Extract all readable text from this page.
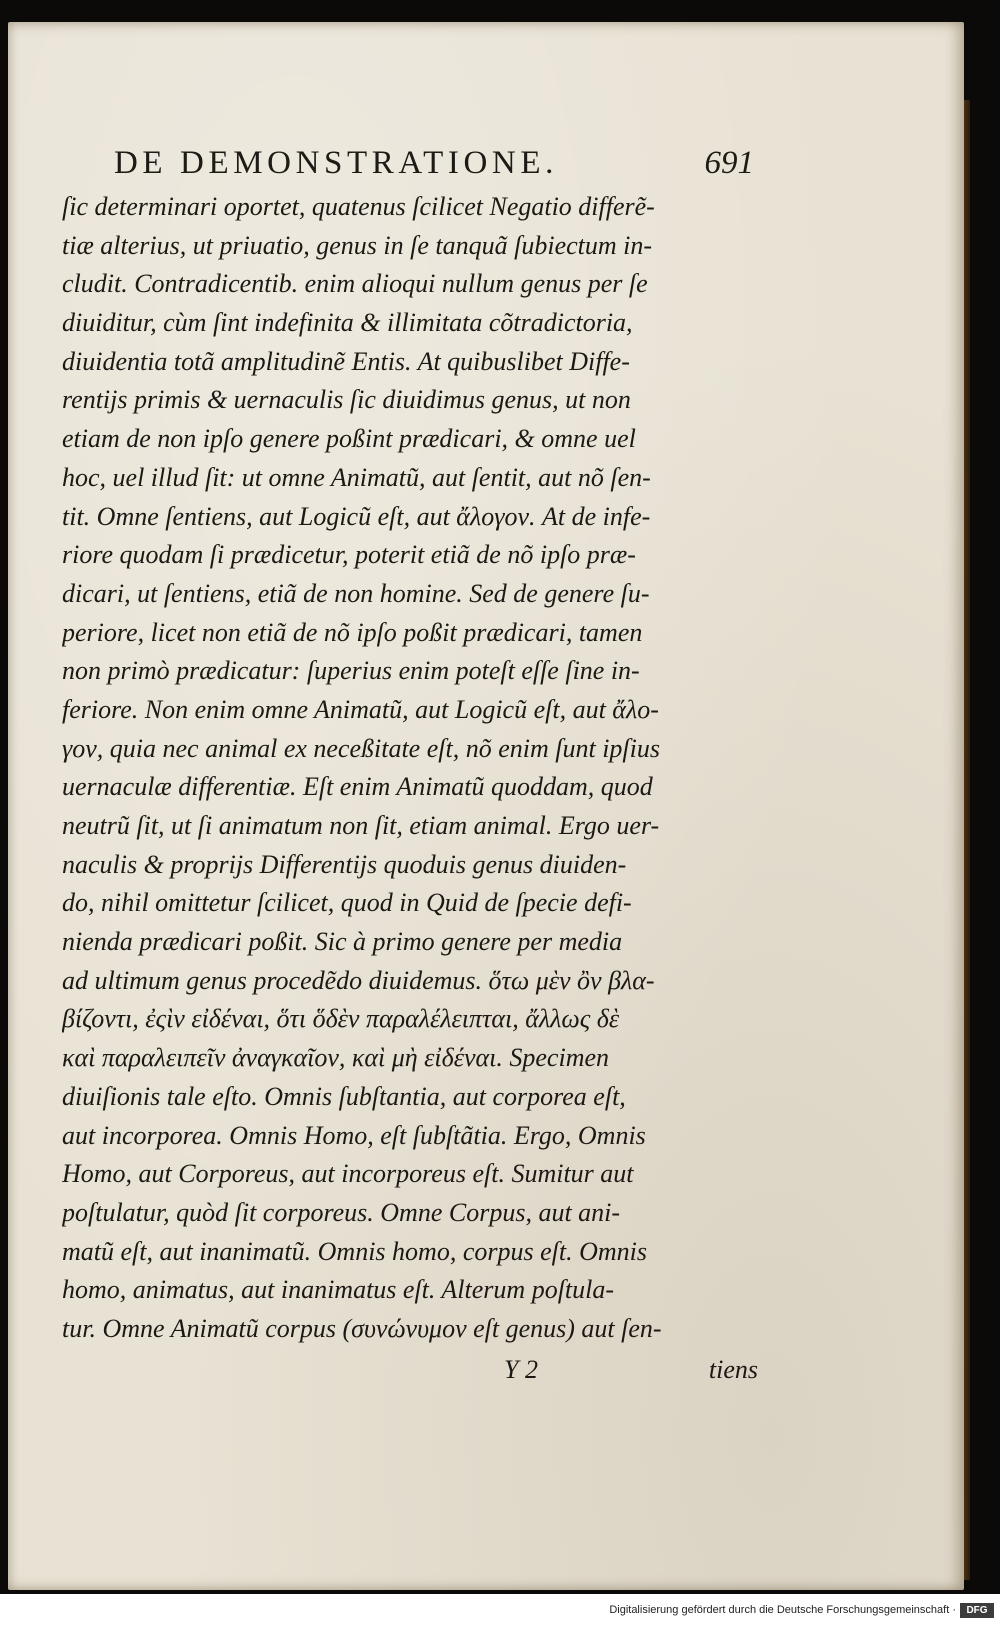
DE DEMONSTRATIONE.	691
ſic determinari oportet, quatenus ſcilicet Negatio differẽ-
tiæ alterius, ut priuatio, genus in ſe tanquã ſubiectum in-
cludit. Contradicentib. enim alioqui nullum genus per ſe
diuiditur, cùm ſint indefinita & illimitata cõtradictoria,
diuidentia totã amplitudinẽ Entis. At quibuslibet Diffe-
rentijs primis & uernaculis ſic diuidimus genus, ut non
etiam de non ipſo genere poßint prædicari, & omne uel
hoc, uel illud ſit: ut omne Animatũ, aut ſentit, aut nõ ſen-
tit. Omne ſentiens, aut Logicũ eſt, aut ἄλογον. At de infe-
riore quodam ſi prædicetur, poterit etiã de nõ ipſo præ-
dicari, ut ſentiens, etiã de non homine. Sed de genere ſu-
periore, licet non etiã de nõ ipſo poßit prædicari, tamen
non primò prædicatur: ſuperius enim poteſt eſſe ſine in-
feriore. Non enim omne Animatũ, aut Logicũ eſt, aut ἄλο-
γον, quia nec animal ex neceßitate eſt, nõ enim ſunt ipſius
uernaculæ differentiæ. Eſt enim Animatũ quoddam, quod
neutrũ ſit, ut ſi animatum non ſit, etiam animal. Ergo uer-
naculis & proprijs Differentijs quoduis genus diuiden-
do, nihil omittetur ſcilicet, quod in Quid de ſpecie defi-
nienda prædicari poßit. Sic à primo genere per media
ad ultimum genus procedẽdo diuidemus. ὅτω μὲν ὂν βλα-
βίζοντι, ἐςὶν εἰδέναι, ὅτι ὅδὲν παραλέλειπται, ἄλλως δὲ
καὶ παραλειπεῖν ἀναγκαῖον, καὶ μὴ εἰδέναι. Specimen
diuiſionis tale eſto. Omnis ſubſtantia, aut corporea eſt,
aut incorporea. Omnis Homo, eſt ſubſtãtia. Ergo, Omnis
Homo, aut Corporeus, aut incorporeus eſt. Sumitur aut
poſtulatur, quòd ſit corporeus. Omne Corpus, aut ani-
matũ eſt, aut inanimatũ. Omnis homo, corpus eſt. Omnis
homo, animatus, aut inanimatus eſt. Alterum poſtula-
tur. Omne Animatũ corpus (συνώνυμον eſt genus) aut ſen-
Y 2	tiens
Digitalisierung gefördert durch die Deutsche Forschungsgemeinschaft ·	DFG
